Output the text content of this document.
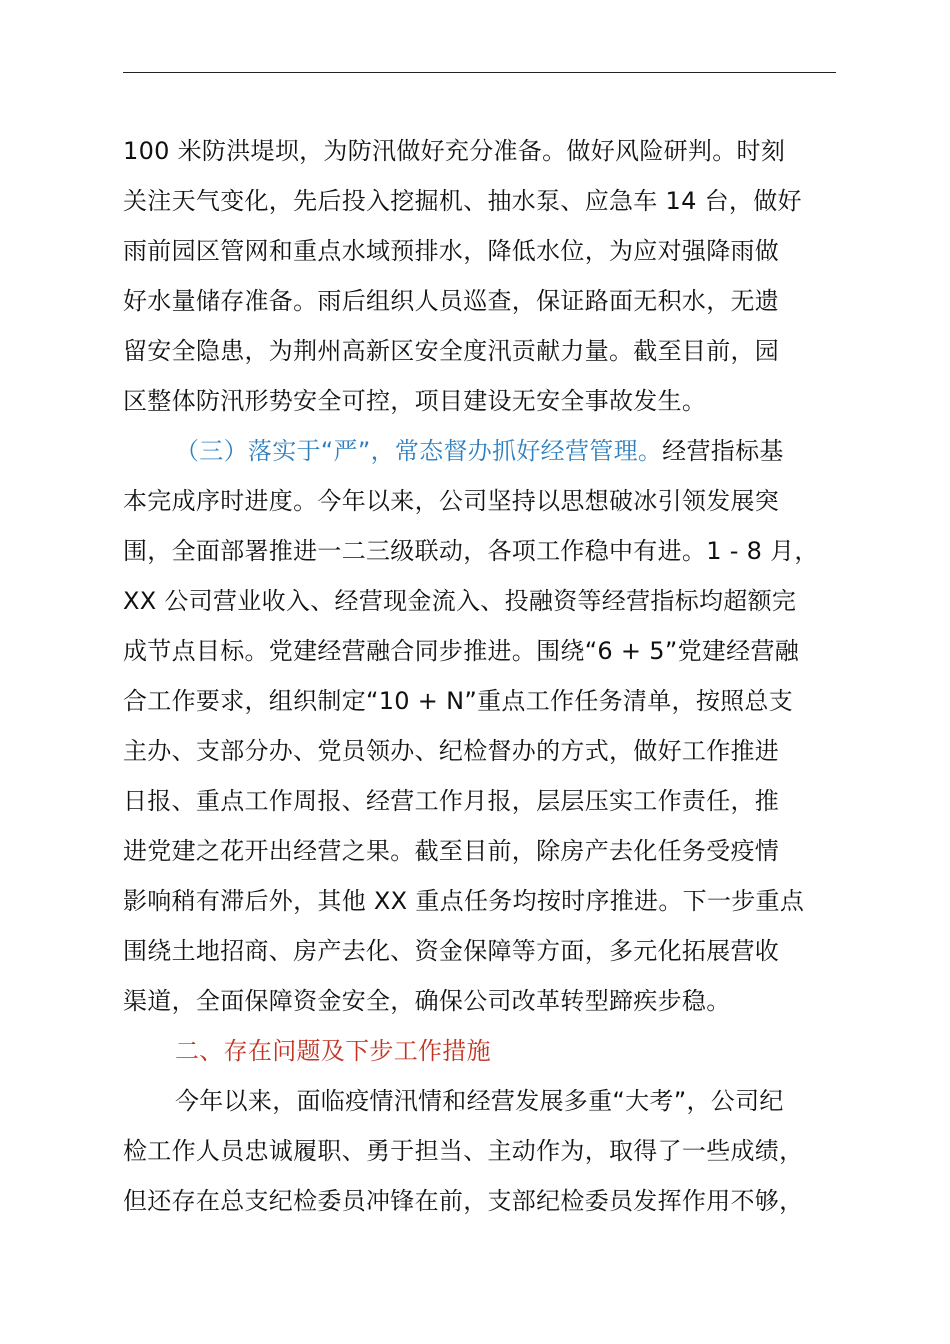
100 米防洪堤坝，为防汛做好充分准备。做好风险研判。时刻
关注天气变化，先后投入挖掘机、抽水泵、应急车 14 台，做好
雨前园区管网和重点水域预排水，降低水位，为应对强降雨做
好水量储存准备。雨后组织人员巡查，保证路面无积水，无遗
留安全隐患，为荆州高新区安全度汛贡献力量。截至目前，园
区整体防汛形势安全可控，项目建设无安全事故发生。
（三）落实于“严”，常态督办抓好经营管理。经营指标基
本完成序时进度。今年以来，公司坚持以思想破冰引领发展突
围，全面部署推进一二三级联动，各项工作稳中有进。1 - 8 月，
XX 公司营业收入、经营现金流入、投融资等经营指标均超额完
成节点目标。党建经营融合同步推进。围绕“6 + 5”党建经营融
合工作要求，组织制定“10 + N”重点工作任务清单，按照总支
主办、支部分办、党员领办、纪检督办的方式，做好工作推进
日报、重点工作周报、经营工作月报，层层压实工作责任，推
进党建之花开出经营之果。截至目前，除房产去化任务受疫情
影响稍有滞后外，其他 XX 重点任务均按时序推进。下一步重点
围绕土地招商、房产去化、资金保障等方面，多元化拓展营收
渠道，全面保障资金安全，确保公司改革转型蹄疾步稳。
二、存在问题及下步工作措施
今年以来，面临疫情汛情和经营发展多重“大考”，公司纪
检工作人员忠诚履职、勇于担当、主动作为，取得了一些成绩，
但还存在总支纪检委员冲锋在前，支部纪检委员发挥作用不够，
